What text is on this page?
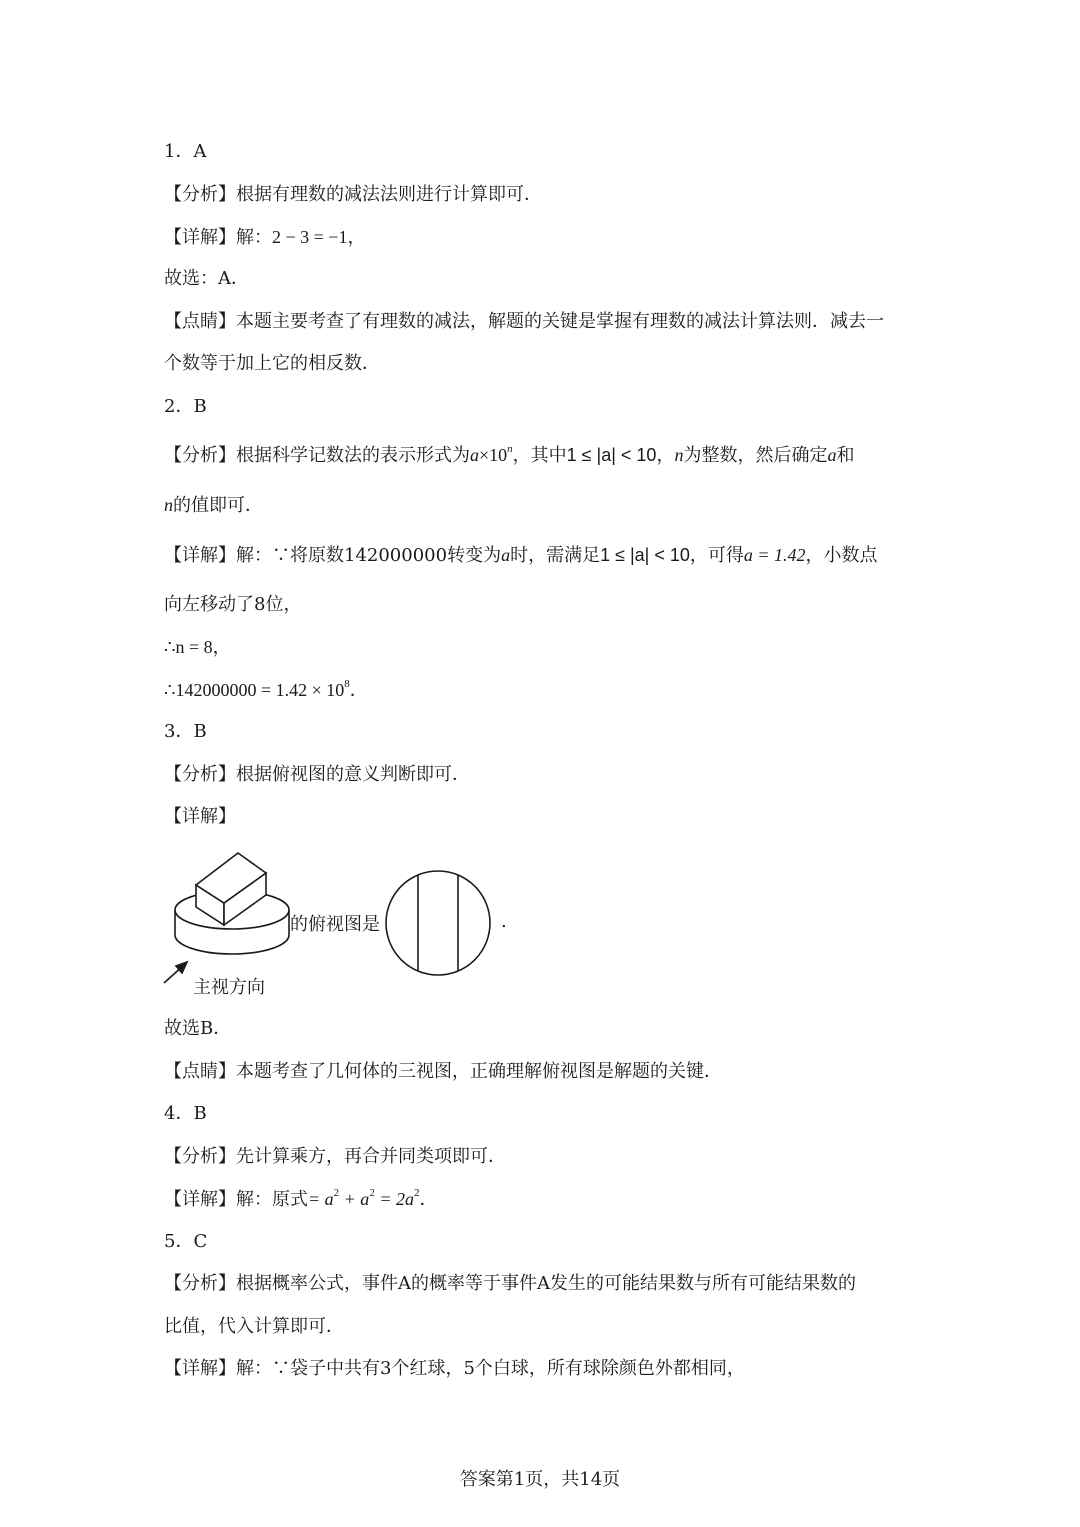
1．A
【分析】根据有理数的减法法则进行计算即可．
【详解】解：2 − 3 = −1，
故选：A．
【点睛】本题主要考查了有理数的减法，解题的关键是掌握有理数的减法计算法则．减去一
个数等于加上它的相反数．
2．B
【分析】根据科学记数法的表示形式为$a\times 10^n$，其中1 ≤ |a| < 10，n为整数，然后确定a和
n的值即可．
【详解】解：∵将原数142000000转变为a时，需满足1 ≤ |a| < 10，可得a = 1.42，小数点
向左移动了8位，
∴n = 8，
∴142000000 = $1.42 \times 10^8$．
3．B
【分析】根据俯视图的意义判断即可．
【详解】
的俯视图是	.
主视方向
故选B．
【点睛】本题考查了几何体的三视图，正确理解俯视图是解题的关键．
4．B
【分析】先计算乘方，再合并同类项即可．
【详解】解：原式= $a^2 + a^2 = 2a^2$．
5．C
【分析】根据概率公式，事件A的概率等于事件A发生的可能结果数与所有可能结果数的
比值，代入计算即可．
【详解】解：∵袋子中共有3个红球，5个白球，所有球除颜色外都相同，
答案第1页，共14页
